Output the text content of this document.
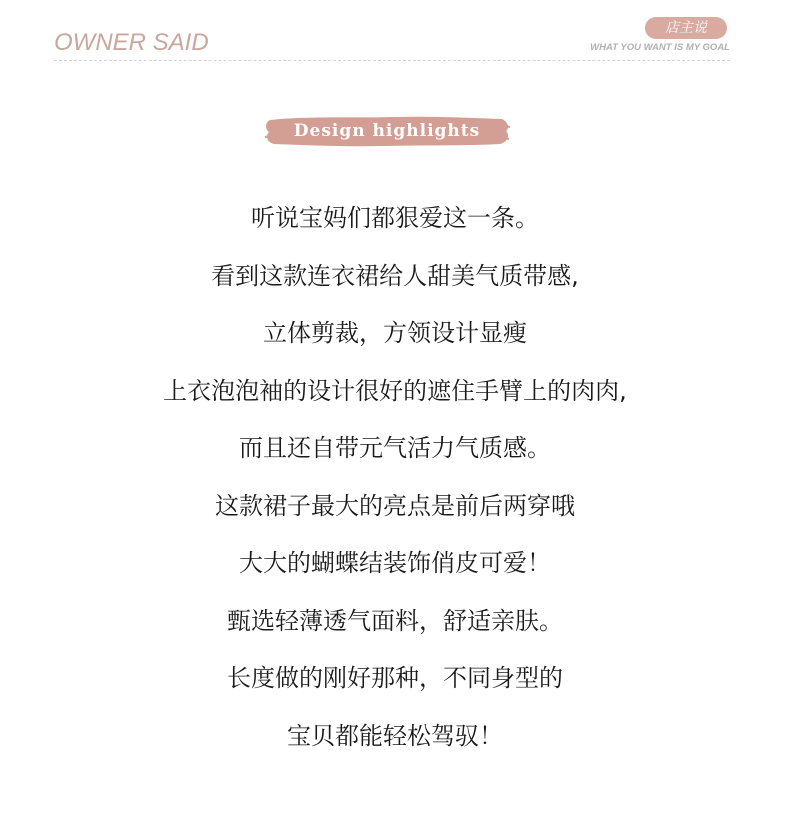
OWNER SAID
店主说
WHAT YOU WANT IS MY GOAL
Design highlights
听说宝妈们都狠爱这一条。
看到这款连衣裙给人甜美气质带感,
立体剪裁，方领设计显瘦
上衣泡泡袖的设计很好的遮住手臂上的肉肉,
而且还自带元气活力气质感。
这款裙子最大的亮点是前后两穿哦
大大的蝴蝶结装饰俏皮可爱！
甄选轻薄透气面料，舒适亲肤。
长度做的刚好那种，不同身型的
宝贝都能轻松驾驭！
